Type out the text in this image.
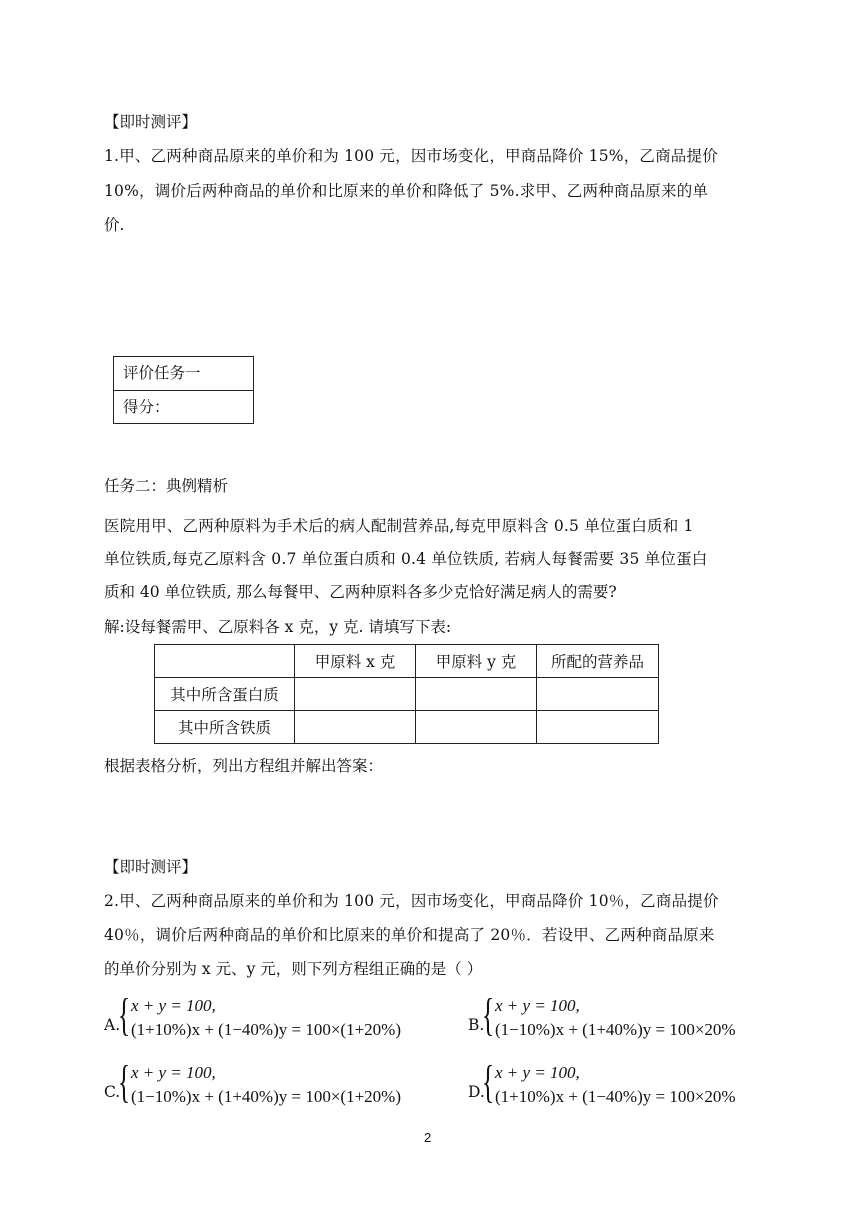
【即时测评】
1.甲、乙两种商品原来的单价和为 100 元，因市场变化，甲商品降价 15%，乙商品提价
10%，调价后两种商品的单价和比原来的单价和降低了 5%.求甲、乙两种商品原来的单
价.
评价任务一
得分：
任务二：典例精析
医院用甲、乙两种原料为手术后的病人配制营养品,每克甲原料含 0.5 单位蛋白质和 1
单位铁质,每克乙原料含 0.7 单位蛋白质和 0.4 单位铁质, 若病人每餐需要 35 单位蛋白
质和 40 单位铁质, 那么每餐甲、乙两种原料各多少克恰好满足病人的需要?
解:设每餐需甲、乙原料各 x 克，y 克. 请填写下表:
	甲原料 x 克	甲原料 y 克	所配的营养品
其中所含蛋白质			
其中所含铁质			
根据表格分析，列出方程组并解出答案：
【即时测评】
2.甲、乙两种商品原来的单价和为 100 元，因市场变化，甲商品降价 10％，乙商品提价
40％，调价后两种商品的单价和比原来的单价和提高了 20％．若设甲、乙两种商品原来
的单价分别为 x 元、y 元，则下列方程组正确的是（ ）
A.
{ x + y = 100,
(1+10%)x + (1−40%)y = 100×(1+20%)	B.
{ x + y = 100,
(1−10%)x + (1+40%)y = 100×20%
C.
{ x + y = 100,
(1−10%)x + (1+40%)y = 100×(1+20%)	D.
{ x + y = 100,
(1+10%)x + (1−40%)y = 100×20%
2
